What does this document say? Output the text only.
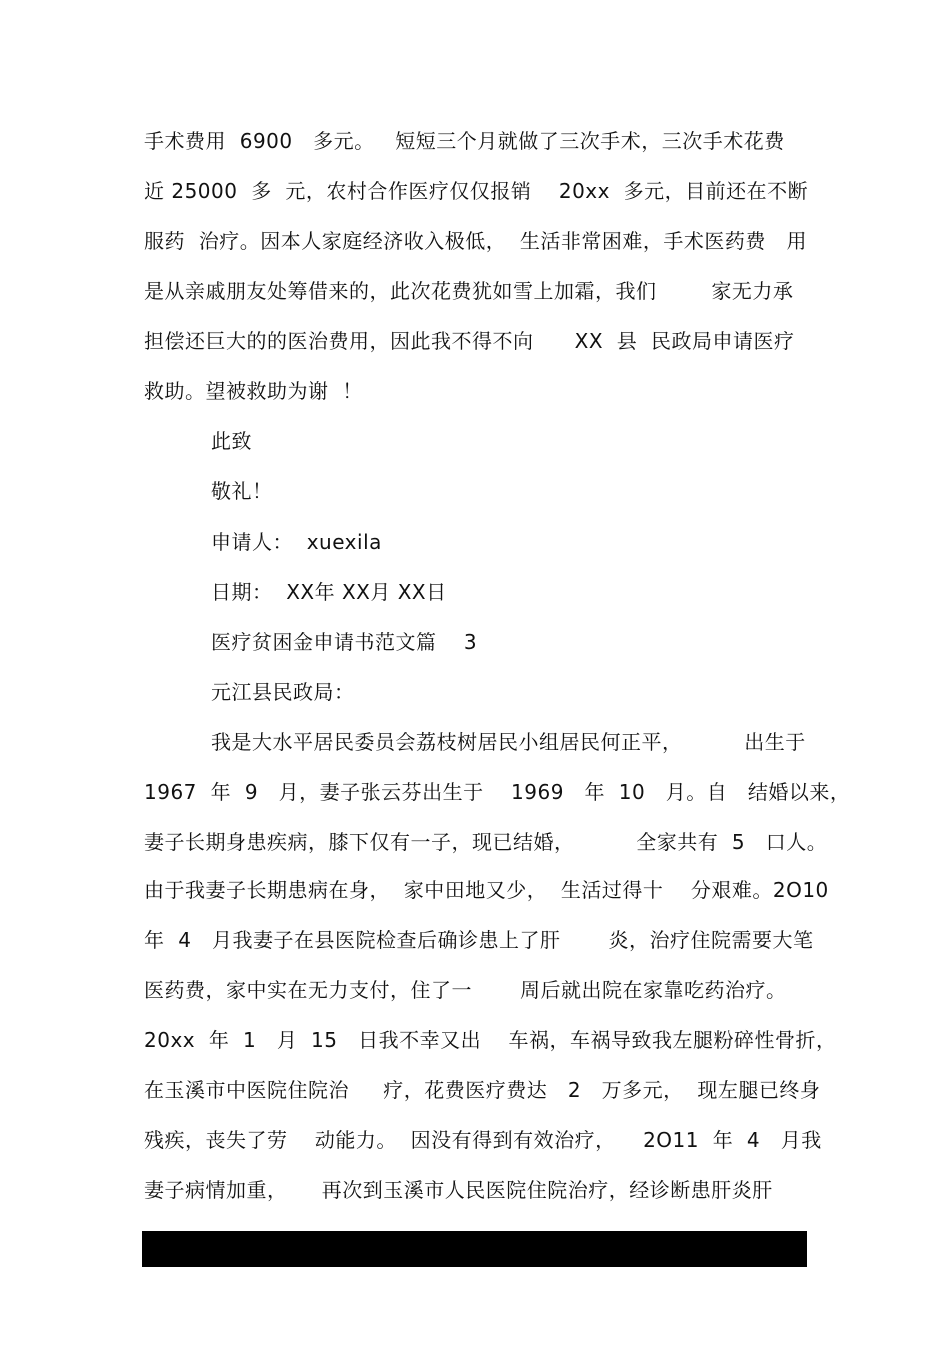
手术费用  6900   多元。   短短三个月就做了三次手术，三次手术花费
近 25000  多  元，农村合作医疗仅仅报销    20xx  多元，目前还在不断
服药  治疗。因本人家庭经济收入极低，  生活非常困难，手术医药费   用
是从亲戚朋友处筹借来的，此次花费犹如雪上加霜，我们        家无力承
担偿还巨大的的医治费用，因此我不得不向      XX  县  民政局申请医疗
救助。望被救助为谢  ！
此致
敬礼！
申请人：  xuexila
日期：  XX年 XX月 XX日
医疗贫困金申请书范文篇    3
元江县民政局：
我是大水平居民委员会荔枝树居民小组居民何正平，         出生于
1967  年  9   月，妻子张云芬出生于    1969   年  10   月。自   结婚以来，
妻子长期身患疾病，膝下仅有一子，现已结婚，         全家共有  5   口人。
由于我妻子长期患病在身，  家中田地又少，  生活过得十    分艰难。2O10
年  4   月我妻子在县医院检查后确诊患上了肝       炎，治疗住院需要大笔
医药费，家中实在无力支付，住了一       周后就出院在家靠吃药治疗。
20xx  年  1   月  15   日我不幸又出    车祸，车祸导致我左腿粉碎性骨折，
在玉溪市中医院住院治     疗，花费医疗费达   2   万多元，  现左腿已终身
残疾，丧失了劳    动能力。  因没有得到有效治疗，    2O11  年  4   月我
妻子病情加重，     再次到玉溪市人民医院住院治疗，经诊断患肝炎肝
